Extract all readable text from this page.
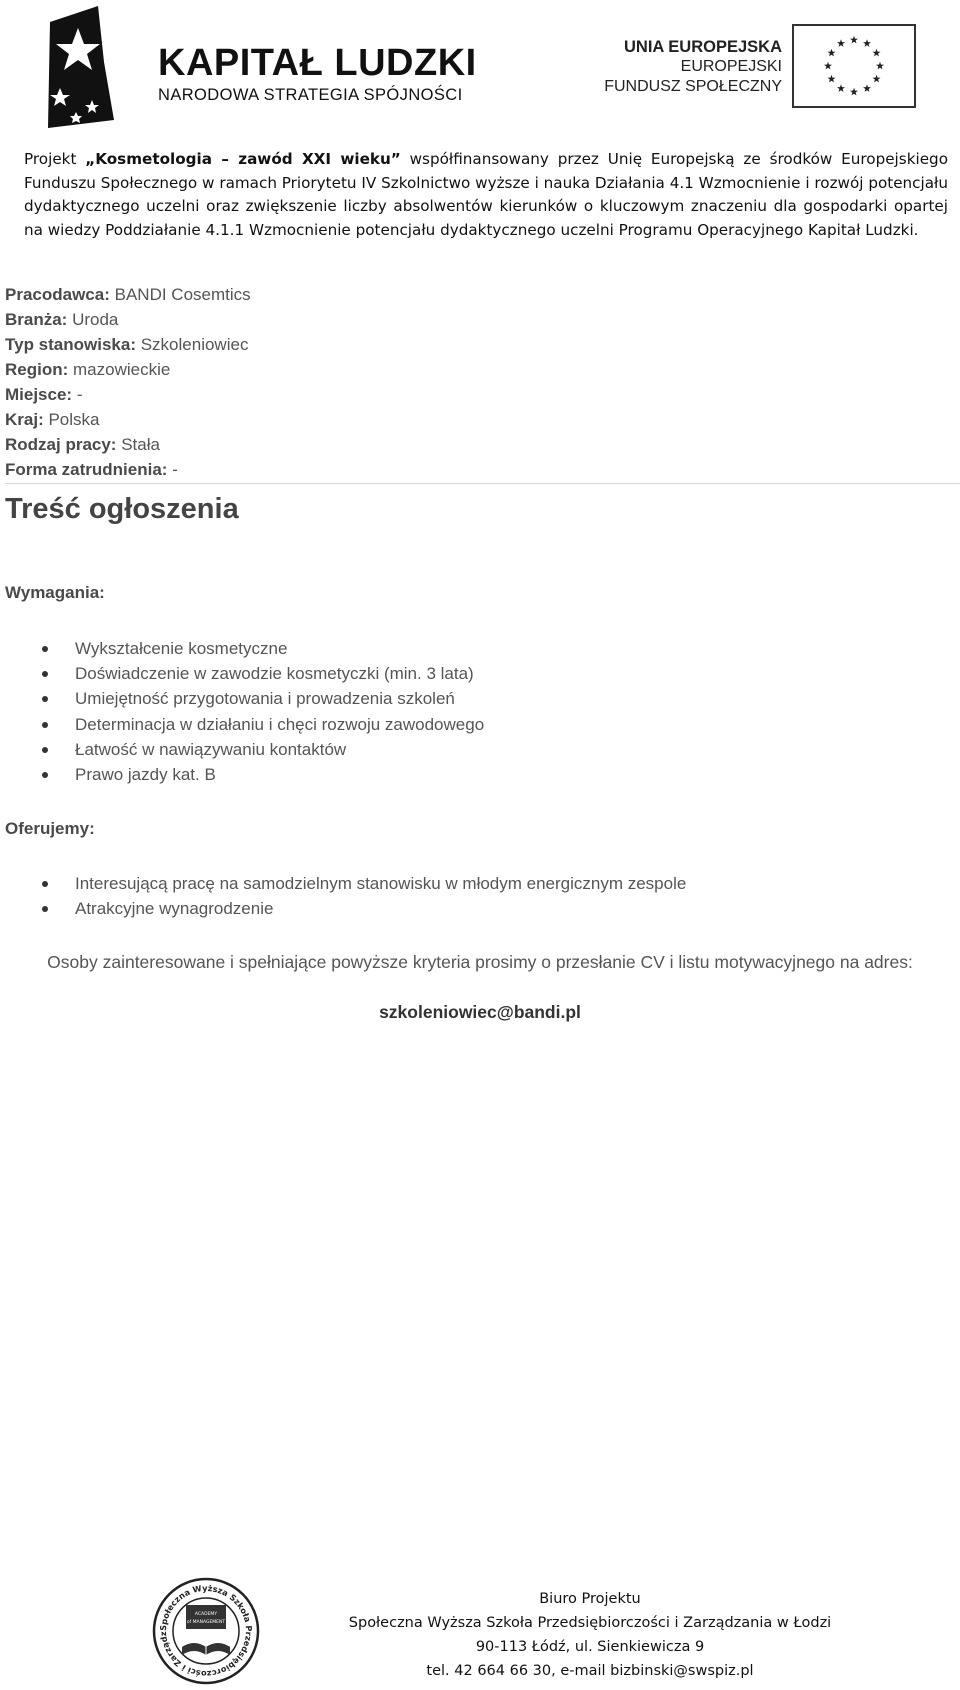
KAPITAŁ LUDZKI
NARODOWA STRATEGIA SPÓJNOŚCI
UNIA EUROPEJSKA
EUROPEJSKI
FUNDUSZ SPOŁECZNY
Projekt „Kosmetologia – zawód XXI wieku” współfinansowany przez Unię Europejską ze środków Europejskiego Funduszu Społecznego w ramach Priorytetu IV Szkolnictwo wyższe i nauka Działania 4.1 Wzmocnienie i rozwój potencjału dydaktycznego uczelni oraz zwiększenie liczby absolwentów kierunków o kluczowym znaczeniu dla gospodarki opartej na wiedzy Poddziałanie 4.1.1 Wzmocnienie potencjału dydaktycznego uczelni Programu Operacyjnego Kapitał Ludzki.
Pracodawca: BANDI Cosemtics
Branża: Uroda
Typ stanowiska: Szkoleniowiec
Region: mazowieckie
Miejsce: -
Kraj: Polska
Rodzaj pracy: Stała
Forma zatrudnienia: -
Treść ogłoszenia
Wymagania:
Wykształcenie kosmetyczne
Doświadczenie w zawodzie kosmetyczki (min. 3 lata)
Umiejętność przygotowania i prowadzenia szkoleń
Determinacja w działaniu i chęci rozwoju zawodowego
Łatwość w nawiązywaniu kontaktów
Prawo jazdy kat. B
Oferujemy:
Interesującą pracę na samodzielnym stanowisku w młodym energicznym zespole
Atrakcyjne wynagrodzenie
Osoby zainteresowane i spełniające powyższe kryteria prosimy o przesłanie CV i listu motywacyjnego na adres:
szkoleniowiec@bandi.pl
Społeczna Wyższa Szkoła Przedsiębiorczości i Zarządz
ACADEMY
of MANAGEMENT
Biuro Projektu
Społeczna Wyższa Szkoła Przedsiębiorczości i Zarządzania w Łodzi
90-113 Łódź, ul. Sienkiewicza 9
tel. 42 664 66 30, e-mail bizbinski@swspiz.pl
